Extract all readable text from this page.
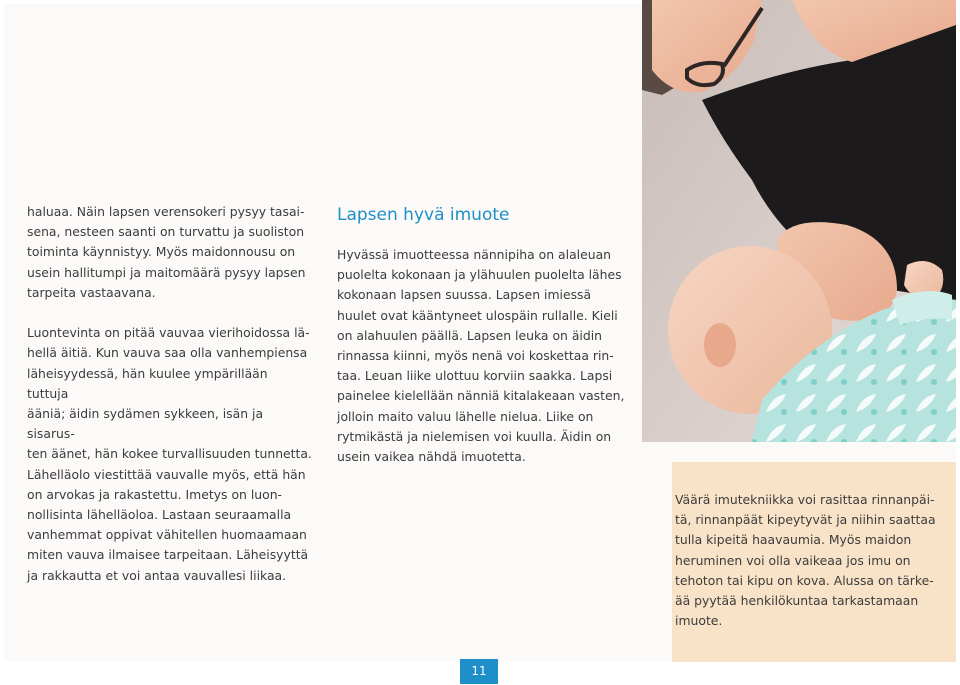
haluaa. Näin lapsen verensokeri pysyy tasai-
sena, nesteen saanti on turvattu ja suoliston
toiminta käynnistyy. Myös maidonnousu on
usein hallitumpi ja maitomäärä pysyy lapsen
tarpeita vastaavana.

Luontevinta on pitää vauvaa vierihoidossa lä-
hellä äitiä. Kun vauva saa olla vanhempiensa
läheisyydessä, hän kuulee ympärillään tuttuja
ääniä; äidin sydämen sykkeen, isän ja sisarus-
ten äänet, hän kokee turvallisuuden tunnetta.
Lähelläolo viestittää vauvalle myös, että hän
on arvokas ja rakastettu. Imetys on luon-
nollisinta lähelläoloa. Lastaan seuraamalla
vanhemmat oppivat vähitellen huomaamaan
miten vauva ilmaisee tarpeitaan. Läheisyyttä
ja rakkautta et voi antaa vauvallesi liikaa.

Lapsen hyvä imuote

Hyvässä imuotteessa nännipiha on alaleuan
puolelta kokonaan ja ylähuulen puolelta lähes
kokonaan lapsen suussa. Lapsen imiessä
huulet ovat kääntyneet ulospäin rullalle. Kieli
on alahuulen päällä. Lapsen leuka on äidin
rinnassa kiinni, myös nenä voi koskettaa rin-
taa. Leuan liike ulottuu korviin saakka. Lapsi
painelee kielellään nänniä kitalakeaan vasten,
jolloin maito valuu lähelle nielua. Liike on
rytmikästä ja nielemisen voi kuulla. Äidin on
usein vaikea nähdä imuotetta.

Väärä imutekniikka voi rasittaa rinnanpäi-
tä, rinnanpäät kipeytyvät ja niihin saattaa
tulla kipeitä haavaumia. Myös maidon
heruminen voi olla vaikeaa jos imu on
tehoton tai kipu on kova. Alussa on tärke-
ää pyytää henkilökuntaa tarkastamaan
imuote.

11
